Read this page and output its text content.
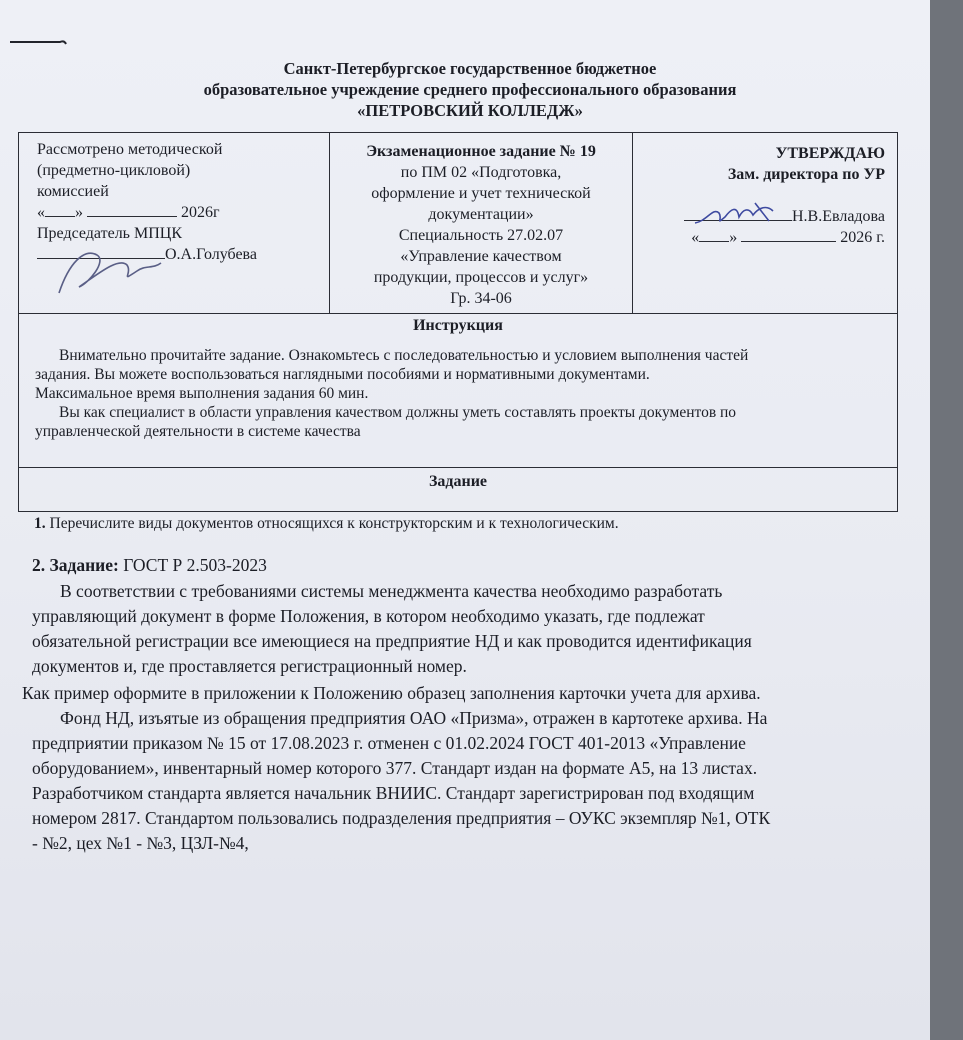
Санкт-Петербургское государственное бюджетное
образовательное учреждение среднего профессионального образования
«ПЕТРОВСКИЙ КОЛЛЕДЖ»
Рассмотрено методической
(предметно-цикловой)
комиссией
« »	2026г
Председатель МПЦК
О.А.Голубева
Экзаменационное задание № 19
по ПМ 02 «Подготовка,
оформление и учет технической
документации»
Специальность 27.02.07
«Управление качеством
продукции, процессов и услуг»
Гр. 34-06
УТВЕРЖДАЮ
Зам. директора по УР
Н.В.Евладова
« »	2026 г.
Инструкция
Внимательно прочитайте задание. Ознакомьтесь с последовательностью и условием выполнения частей
задания. Вы можете воспользоваться наглядными пособиями и нормативными документами.
Максимальное время выполнения задания 60 мин.
Вы как специалист в области управления качеством должны уметь составлять проекты документов по
управленческой деятельности в системе качества
Задание
1. Перечислите виды документов относящихся к конструкторским и к технологическим.
2. Задание: ГОСТ Р 2.503-2023
В соответствии с требованиями системы менеджмента качества необходимо разработать
управляющий документ в форме Положения, в котором необходимо указать, где подлежат
обязательной регистрации все имеющиеся на предприятие НД и как проводится идентификация
документов и, где проставляется регистрационный номер.
Как пример оформите в приложении к Положению образец заполнения карточки учета для архива.
Фонд НД, изъятые из обращения предприятия ОАО «Призма», отражен в картотеке архива. На
предприятии приказом № 15 от 17.08.2023 г. отменен с 01.02.2024 ГОСТ 401-2013 «Управление
оборудованием», инвентарный номер которого 377. Стандарт издан на формате А5, на 13 листах.
Разработчиком стандарта является начальник ВНИИС. Стандарт зарегистрирован под входящим
номером 2817. Стандартом пользовались подразделения предприятия – ОУКС экземпляр №1, ОТК
- №2, цех №1 - №3, ЦЗЛ-№4,
